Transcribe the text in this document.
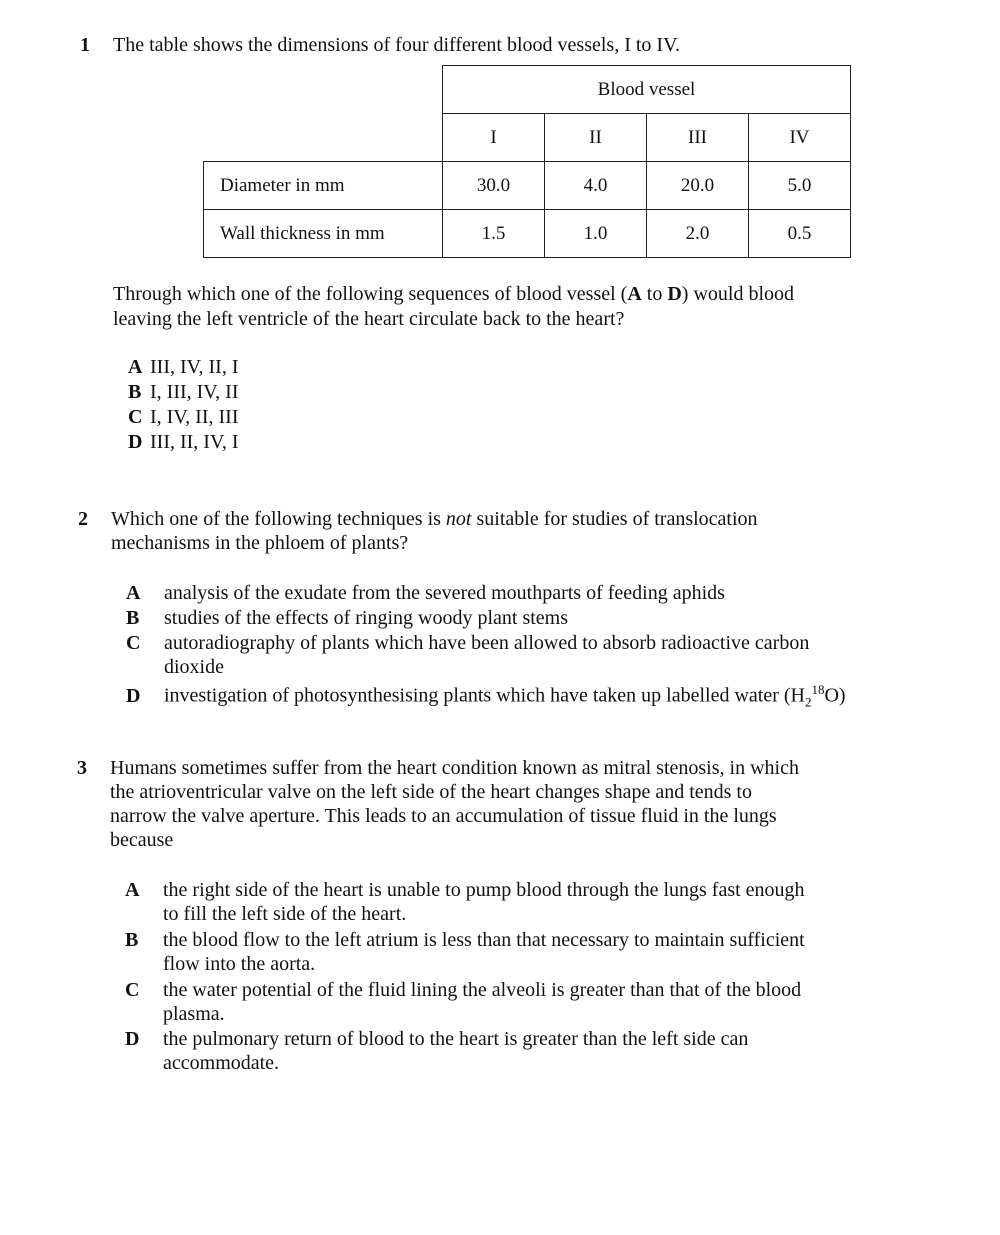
1 The table shows the dimensions of four different blood vessels, I to IV.
	Blood vessel			
	I	II	III	IV
Diameter in mm	30.0	4.0	20.0	5.0
Wall thickness in mm	1.5	1.0	2.0	0.5
Through which one of the following sequences of blood vessel (A to D) would blood
leaving the left ventricle of the heart circulate back to the heart?
A III, IV, II, I
B I, III, IV, II
C I, IV, II, III
D III, II, IV, I
2 Which one of the following techniques is not suitable for studies of translocation
mechanisms in the phloem of plants?
A analysis of the exudate from the severed mouthparts of feeding aphids
B studies of the effects of ringing woody plant stems
C autoradiography of plants which have been allowed to absorb radioactive carbon
dioxide
D investigation of photosynthesising plants which have taken up labelled water $(H_2^{18}O)$
3 Humans sometimes suffer from the heart condition known as mitral stenosis, in which
the atrioventricular valve on the left side of the heart changes shape and tends to
narrow the valve aperture. This leads to an accumulation of tissue fluid in the lungs
because
A the right side of the heart is unable to pump blood through the lungs fast enough
to fill the left side of the heart.
B the blood flow to the left atrium is less than that necessary to maintain sufficient
flow into the aorta.
C the water potential of the fluid lining the alveoli is greater than that of the blood
plasma.
D the pulmonary return of blood to the heart is greater than the left side can
accommodate.
